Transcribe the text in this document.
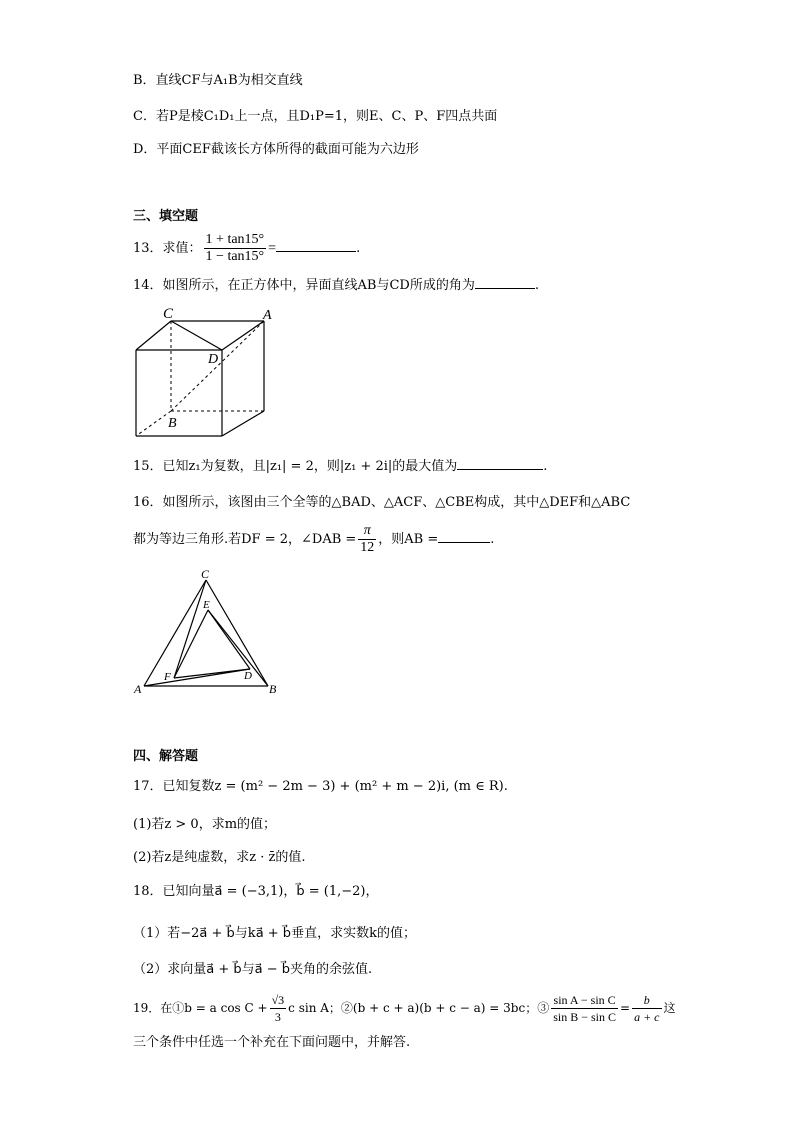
B．直线CF与A₁B为相交直线
C．若P是棱C₁D₁上一点，且D₁P=1，则E、C、P、F四点共面
D．平面CEF截该长方体所得的截面可能为六边形
三、填空题
13．求值： $\frac{1 + \tan 15^\circ}{1 - \tan 15^\circ}$ =	.
14．如图所示，在正方体中，异面直线AB与CD所成的角为	.
C	A
D
B
15．已知z₁为复数，且|z₁| = 2，则|z₁ + 2i|的最大值为	.
16．如图所示，该图由三个全等的△BAD、△ACF、△CBE构成，其中△DEF和△ABC
都为等边三角形.若DF = 2，∠DAB = $\frac{\pi}{12}$ ，则AB =	.
C
E
F	D
A	B
四、解答题
17．已知复数z = (m² − 2m − 3) + (m² + m − 2)i, (m ∈ R).
(1)若z > 0，求m的值；
(2)若z是纯虚数，求z · z̄的值.
18．已知向量a⃗ = (−3,1)，b⃗ = (1,−2)，
（1）若−2a⃗ + b⃗与ka⃗ + b⃗垂直，求实数k的值；
（2）求向量a⃗ + b⃗与a⃗ − b⃗夹角的余弦值.
19．在①b = a $\cos C + \frac{√3}{3}$ c sin A；②(b + c + a)(b + c − a) = 3bc；③ $\frac{\text{sin A − sin C}}{\text{sin B − sin C}} = \frac{b}{a + c}$ 这
三个条件中任选一个补充在下面问题中，并解答.
